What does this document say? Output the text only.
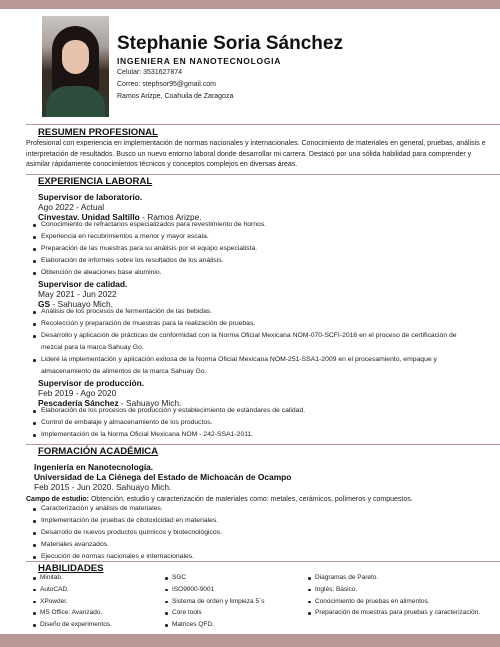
Stephanie Soria Sánchez
INGENIERA EN NANOTECNOLOGIA
Celular: 3531627874
Correo: stephsor95@gmail.com
Ramos Arizpe, Coahuila de Zaragoza
RESUMEN PROFESIONAL
Profesional con experiencia en implementación de normas nacionales y internacionales. Conocimiento de materiales en general, pruebas, análisis e interpretación de resultados. Busco un nuevo entorno laboral donde desarrollar mi carrera. Destacó por una sólida habilidad para comprender y asimilar rápidamente conocimientos técnicos y conceptos complejos en diversas áreas.
EXPERIENCIA LABORAL
Supervisor de laboratorio.
Ago 2022 - Actual
Cinvestav. Unidad Saltillo - Ramos Arizpe.
Conocimiento de refractarios especializados para revestimiento de hornos.
Experiencia en recubrimientos a menor y mayor escala.
Preparación de las muestras para su análisis por el equipo especialista.
Elaboración de informes sobre los resultados de los análisis.
Obtención de aleaciones base aluminio.
Supervisor de calidad.
May 2021 - Jun 2022
GS - Sahuayo Mich.
Análisis de los procesos de fermentación de las bebidas.
Recolección y preparación de muestras para la realización de pruebas.
Desarrollo y aplicación de prácticas de conformidad con la Norma Oficial Mexicana NOM-070-SCFI-2016 en el proceso de certificación de mezcal para la marca Sahuay Go.
Lideré la implementación y aplicación exitosa de la Norma Oficial Mexicana NOM-251-SSA1-2009 en el procesamiento, empaque y almacenamiento de alimentos de la marca Sahuay Go.
Supervisor de producción.
Feb 2019 - Ago 2020
Pescadería Sánchez - Sahuayo Mich.
Elaboración de los procesos de producción y establecimiento de estándares de calidad.
Control de embalaje y almacenamiento de los productos.
Implementación de la Norma Oficial Mexicana NOM - 242-SSA1-2011.
FORMACIÓN ACADÉMICA
Ingeniería en Nanotecnología.
Universidad de La Ciénega del Estado de Michoacán de Ocampo
Feb 2015 - Jun 2020. Sahuayo Mich.
Campo de estudio: Obtención, estudio y caracterización de materiales como: metales, cerámicos, polímeros y compuestos.
Caracterización y análisis de materiales.
Implementación de pruebas de citotoxicidad en materiales.
Desarrollo de nuevos productos químicos y biotecnológicos.
Materiales avanzados.
Ejecución de normas nacionales e internacionales.
HABILIDADES
Minitab.
AutoCAD.
XPowder.
MS Office: Avanzado.
Diseño de experimentos.
SGC
ISO9000-9001
Sistema de orden y limpieza 5´s
Core tools
Matrices QFD.
Diagramas de Pareto.
Inglés: Básico.
Conocimiento de pruebas en alimentos.
Preparación de muestras para pruebas y caracterización.
